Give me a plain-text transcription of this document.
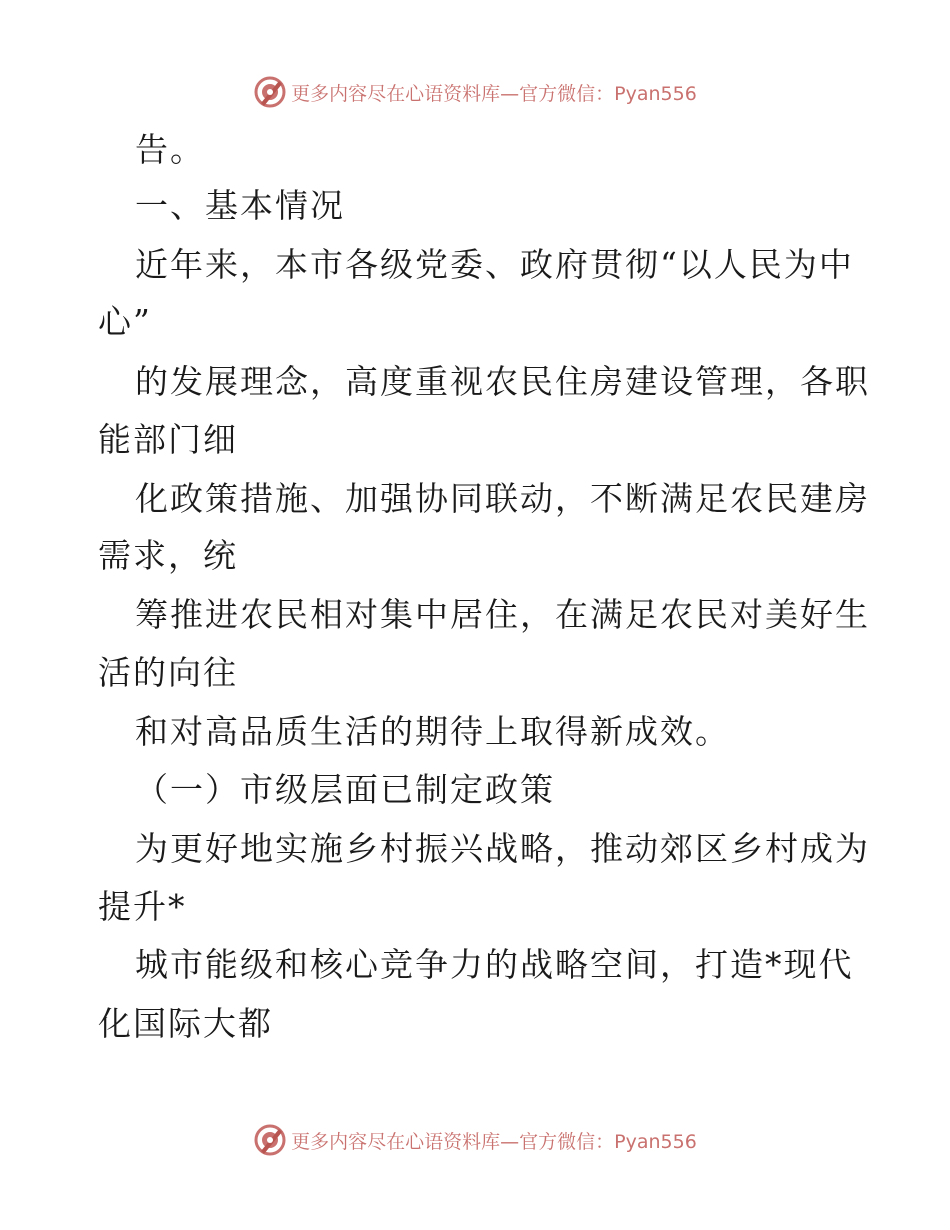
更多内容尽在心语资料库—官方微信：Pyan556
告。
一、基本情况
近年来，本市各级党委、政府贯彻“以人民为中
心”
的发展理念，高度重视农民住房建设管理，各职
能部门细
化政策措施、加强协同联动，不断满足农民建房
需求，统
筹推进农民相对集中居住，在满足农民对美好生
活的向往
和对高品质生活的期待上取得新成效。
（一）市级层面已制定政策
为更好地实施乡村振兴战略，推动郊区乡村成为
提升*
城市能级和核心竞争力的战略空间，打造*现代
化国际大都
更多内容尽在心语资料库—官方微信：Pyan556
